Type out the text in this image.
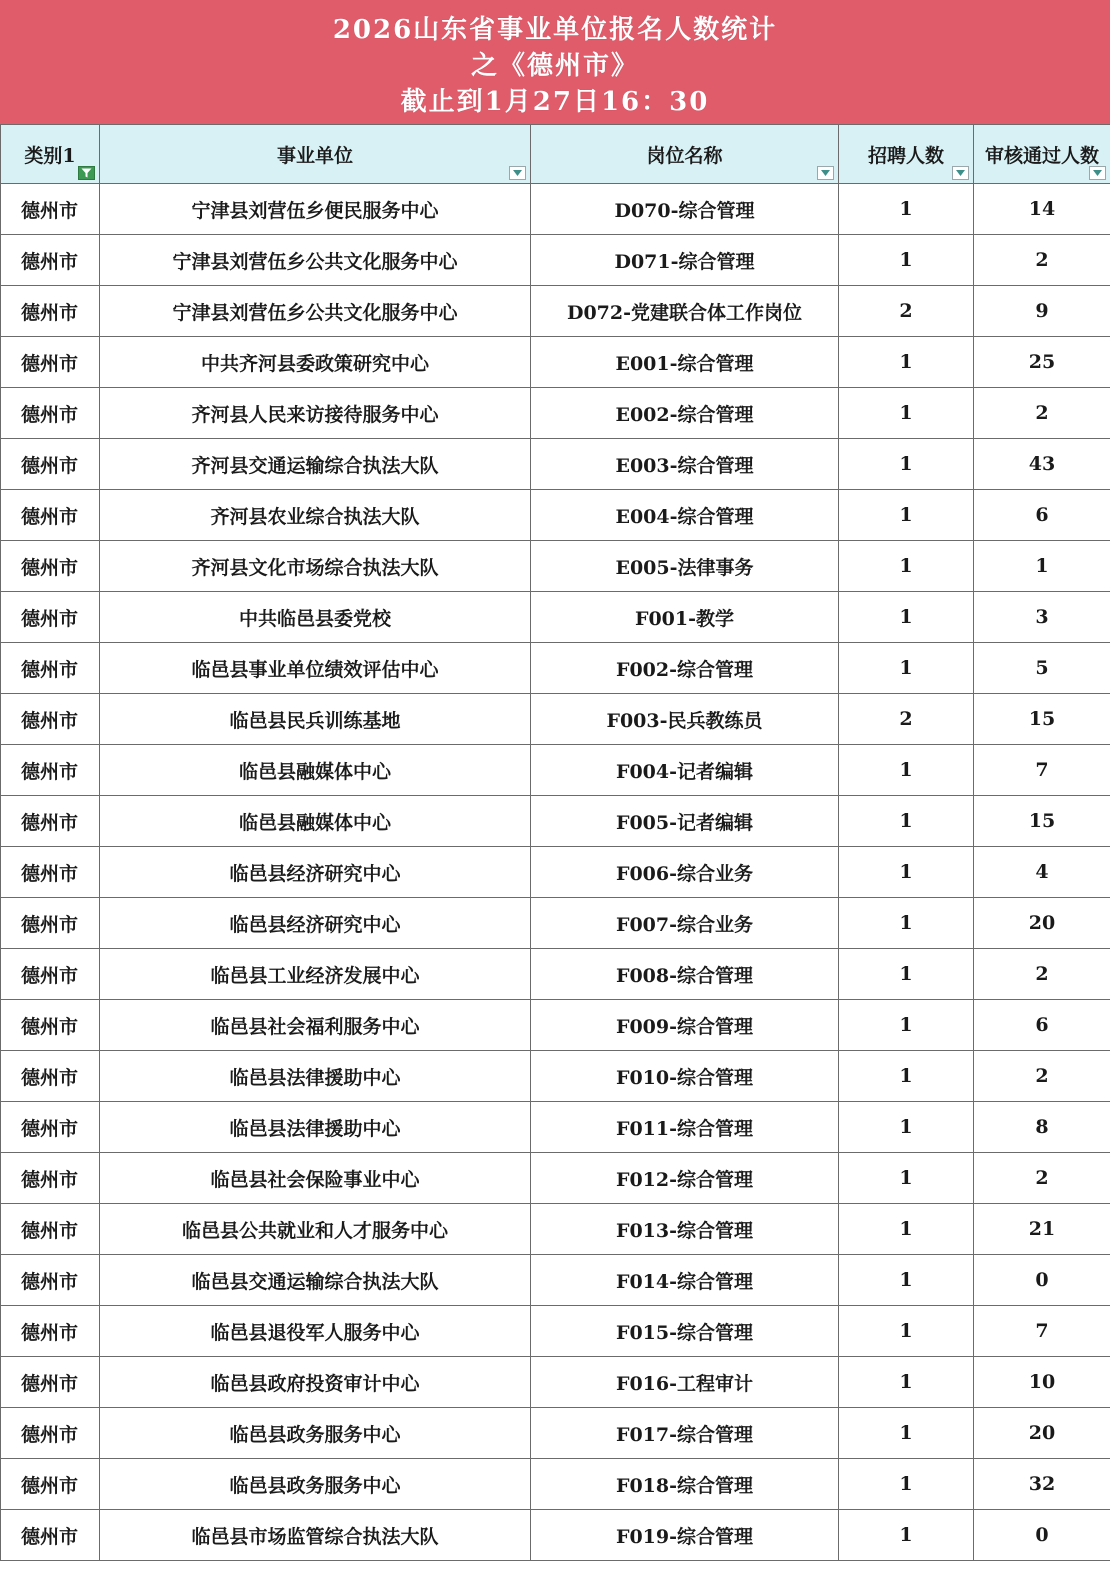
2026山东省事业单位报名人数统计
之《德州市》
截止到1月27日16：30
类别1	事业单位	岗位名称	招聘人数	审核通过人数

德州市	宁津县刘营伍乡便民服务中心	D070-综合管理	1	14
德州市	宁津县刘营伍乡公共文化服务中心	D071-综合管理	1	2
德州市	宁津县刘营伍乡公共文化服务中心	D072-党建联合体工作岗位	2	9
德州市	中共齐河县委政策研究中心	E001-综合管理	1	25
德州市	齐河县人民来访接待服务中心	E002-综合管理	1	2
德州市	齐河县交通运输综合执法大队	E003-综合管理	1	43
德州市	齐河县农业综合执法大队	E004-综合管理	1	6
德州市	齐河县文化市场综合执法大队	E005-法律事务	1	1
德州市	中共临邑县委党校	F001-教学	1	3
德州市	临邑县事业单位绩效评估中心	F002-综合管理	1	5
德州市	临邑县民兵训练基地	F003-民兵教练员	2	15
德州市	临邑县融媒体中心	F004-记者编辑	1	7
德州市	临邑县融媒体中心	F005-记者编辑	1	15
德州市	临邑县经济研究中心	F006-综合业务	1	4
德州市	临邑县经济研究中心	F007-综合业务	1	20
德州市	临邑县工业经济发展中心	F008-综合管理	1	2
德州市	临邑县社会福利服务中心	F009-综合管理	1	6
德州市	临邑县法律援助中心	F010-综合管理	1	2
德州市	临邑县法律援助中心	F011-综合管理	1	8
德州市	临邑县社会保险事业中心	F012-综合管理	1	2
德州市	临邑县公共就业和人才服务中心	F013-综合管理	1	21
德州市	临邑县交通运输综合执法大队	F014-综合管理	1	0
德州市	临邑县退役军人服务中心	F015-综合管理	1	7
德州市	临邑县政府投资审计中心	F016-工程审计	1	10
德州市	临邑县政务服务中心	F017-综合管理	1	20
德州市	临邑县政务服务中心	F018-综合管理	1	32
德州市	临邑县市场监管综合执法大队	F019-综合管理	1	0
